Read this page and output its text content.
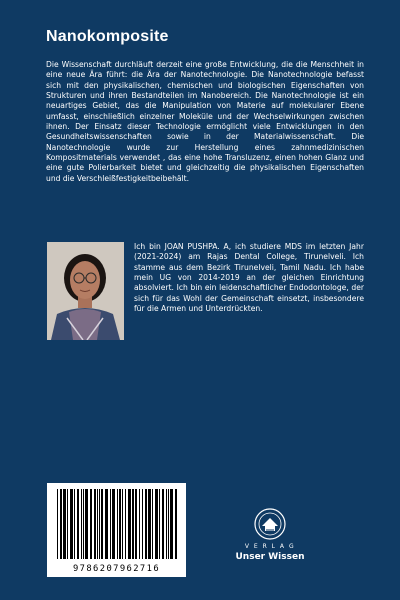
Nanokomposite

Die Wissenschaft durchläuft derzeit eine große Entwicklung, die die Menschheit in eine neue Ära führt: die Ära der Nanotechnologie. Die Nanotechnologie befasst sich mit den physikalischen, chemischen und biologischen Eigenschaften von Strukturen und ihren Bestandteilen im Nanobereich. Die Nanotechnologie ist ein neuartiges Gebiet, das die Manipulation von Materie auf molekularer Ebene umfasst, einschließlich einzelner Moleküle und der Wechselwirkungen zwischen ihnen. Der Einsatz dieser Technologie ermöglicht viele Entwicklungen in den Gesundheitswissenschaften sowie in der Materialwissenschaft. Die Nanotechnologie wurde zur Herstellung eines zahnmedizinischen Kompositmaterials verwendet , das eine hohe Transluzenz, einen hohen Glanz und eine gute Polierbarkeit bietet und gleichzeitig die physikalischen Eigenschaften und die Verschleißfestigkeitbeibehält.

Ich bin JOAN PUSHPA. A, ich studiere MDS im letzten Jahr (2021-2024) am Rajas Dental College, Tirunelveli. Ich stamme aus dem Bezirk Tirunelveli, Tamil Nadu. Ich habe mein UG von 2014-2019 an der gleichen Einrichtung absolviert. Ich bin ein leidenschaftlicher Endodontologe, der sich für das Wohl der Gemeinschaft einsetzt, insbesondere für die Armen und Unterdrückten.

9786207962716
V E R L A G
Unser Wissen
